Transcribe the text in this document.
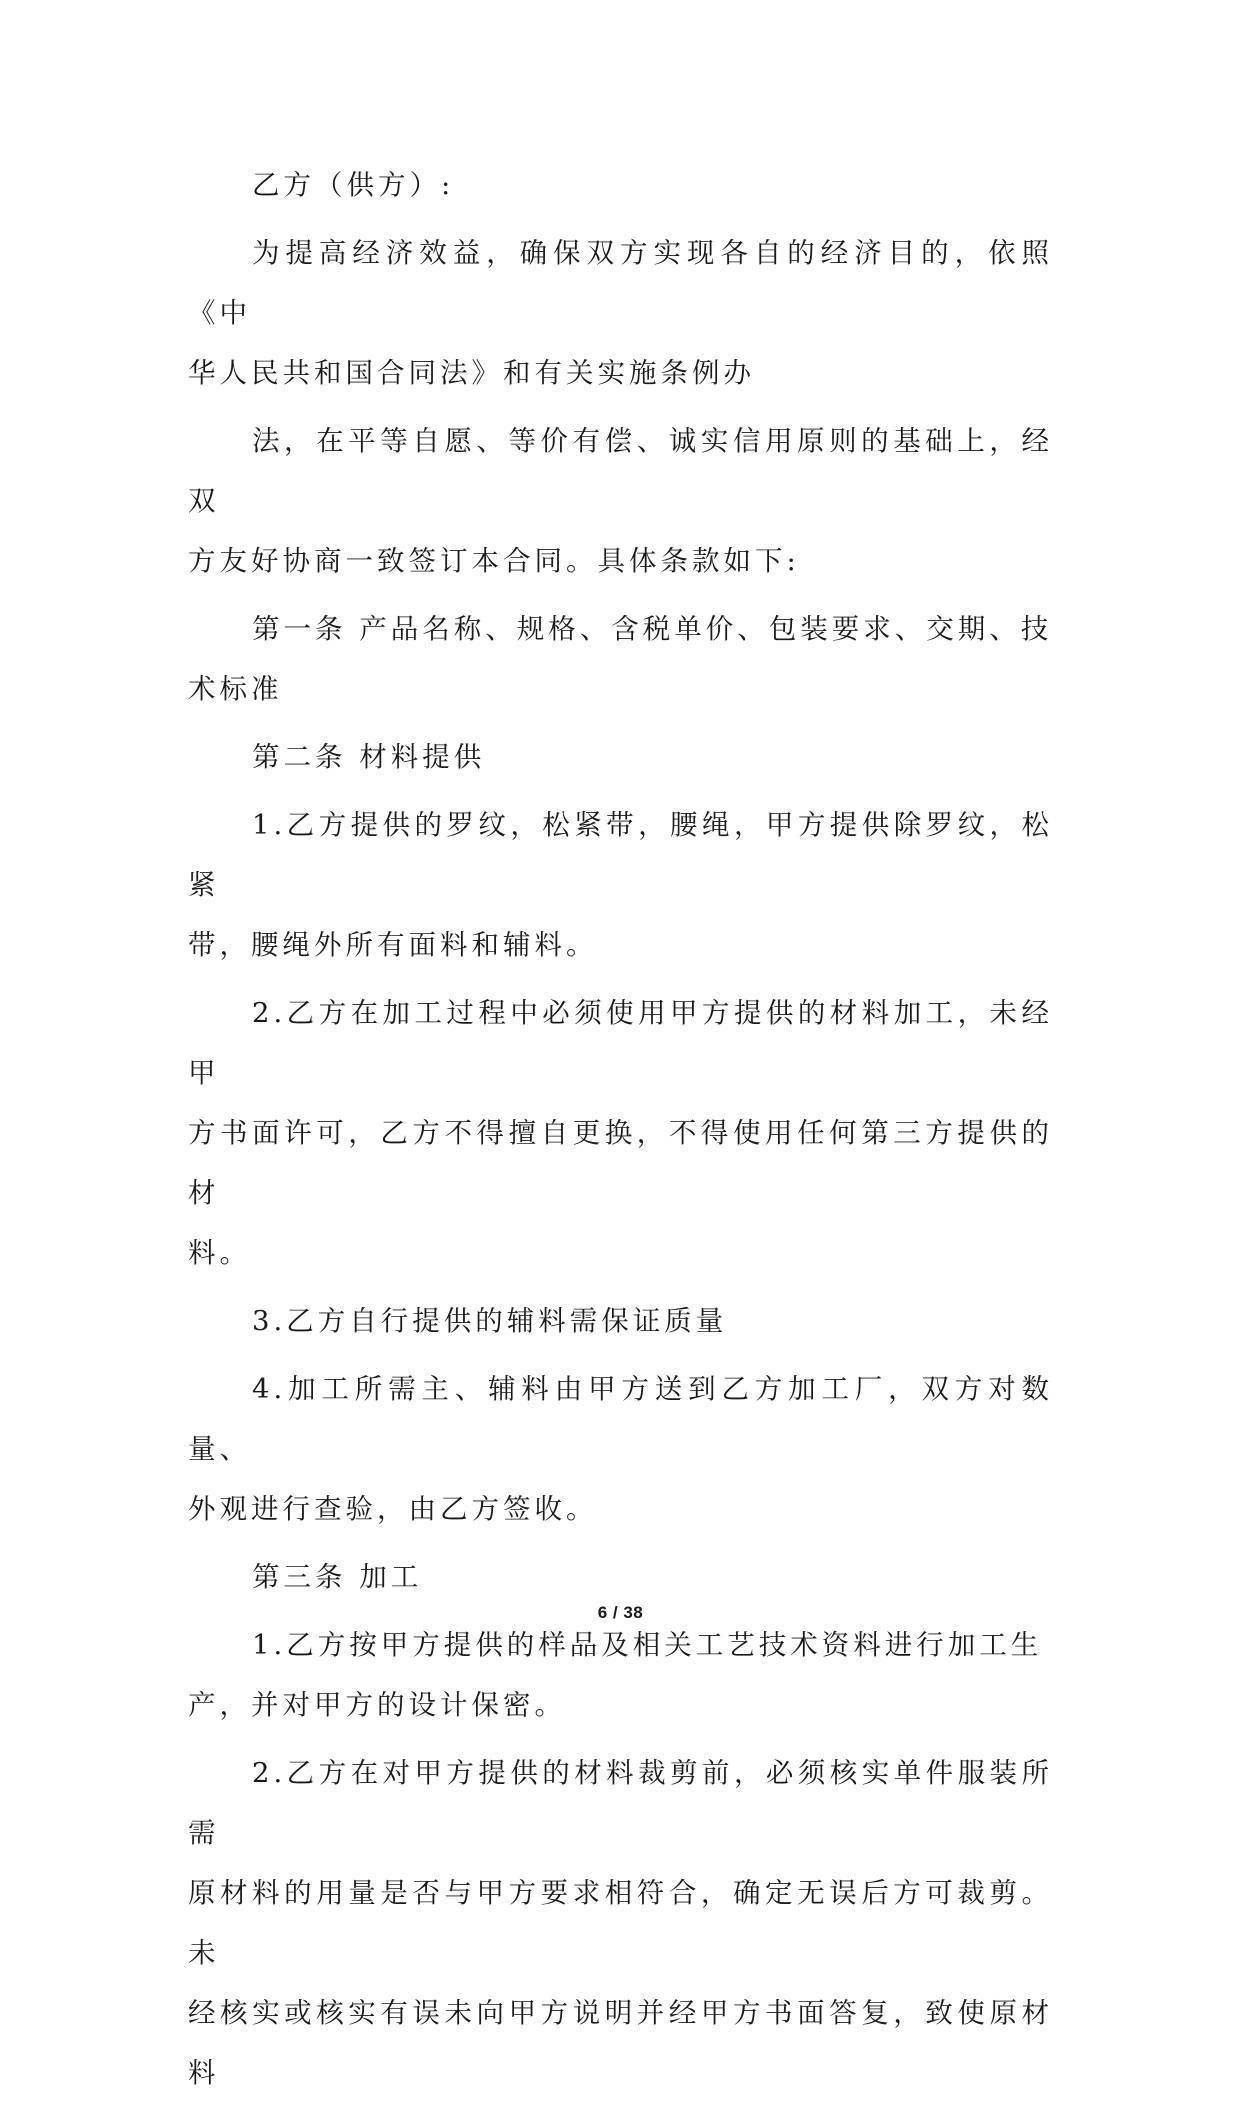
乙方（供方）:
为提高经济效益，确保双方实现各自的经济目的，依照《中
华人民共和国合同法》和有关实施条例办
法，在平等自愿、等价有偿、诚实信用原则的基础上，经双
方友好协商一致签订本合同。具体条款如下:
第一条 产品名称、规格、含税单价、包装要求、交期、技
术标准
第二条 材料提供
1.乙方提供的罗纹，松紧带，腰绳，甲方提供除罗纹，松紧
带，腰绳外所有面料和辅料。
2.乙方在加工过程中必须使用甲方提供的材料加工，未经甲
方书面许可，乙方不得擅自更换，不得使用任何第三方提供的材
料。
3.乙方自行提供的辅料需保证质量
4.加工所需主、辅料由甲方送到乙方加工厂，双方对数量、
外观进行查验，由乙方签收。
第三条 加工
1.乙方按甲方提供的样品及相关工艺技术资料进行加工生
产，并对甲方的设计保密。
2.乙方在对甲方提供的材料裁剪前，必须核实单件服装所需
原材料的用量是否与甲方要求相符合，确定无误后方可裁剪。未
经核实或核实有误未向甲方说明并经甲方书面答复，致使原材料
6 / 38
